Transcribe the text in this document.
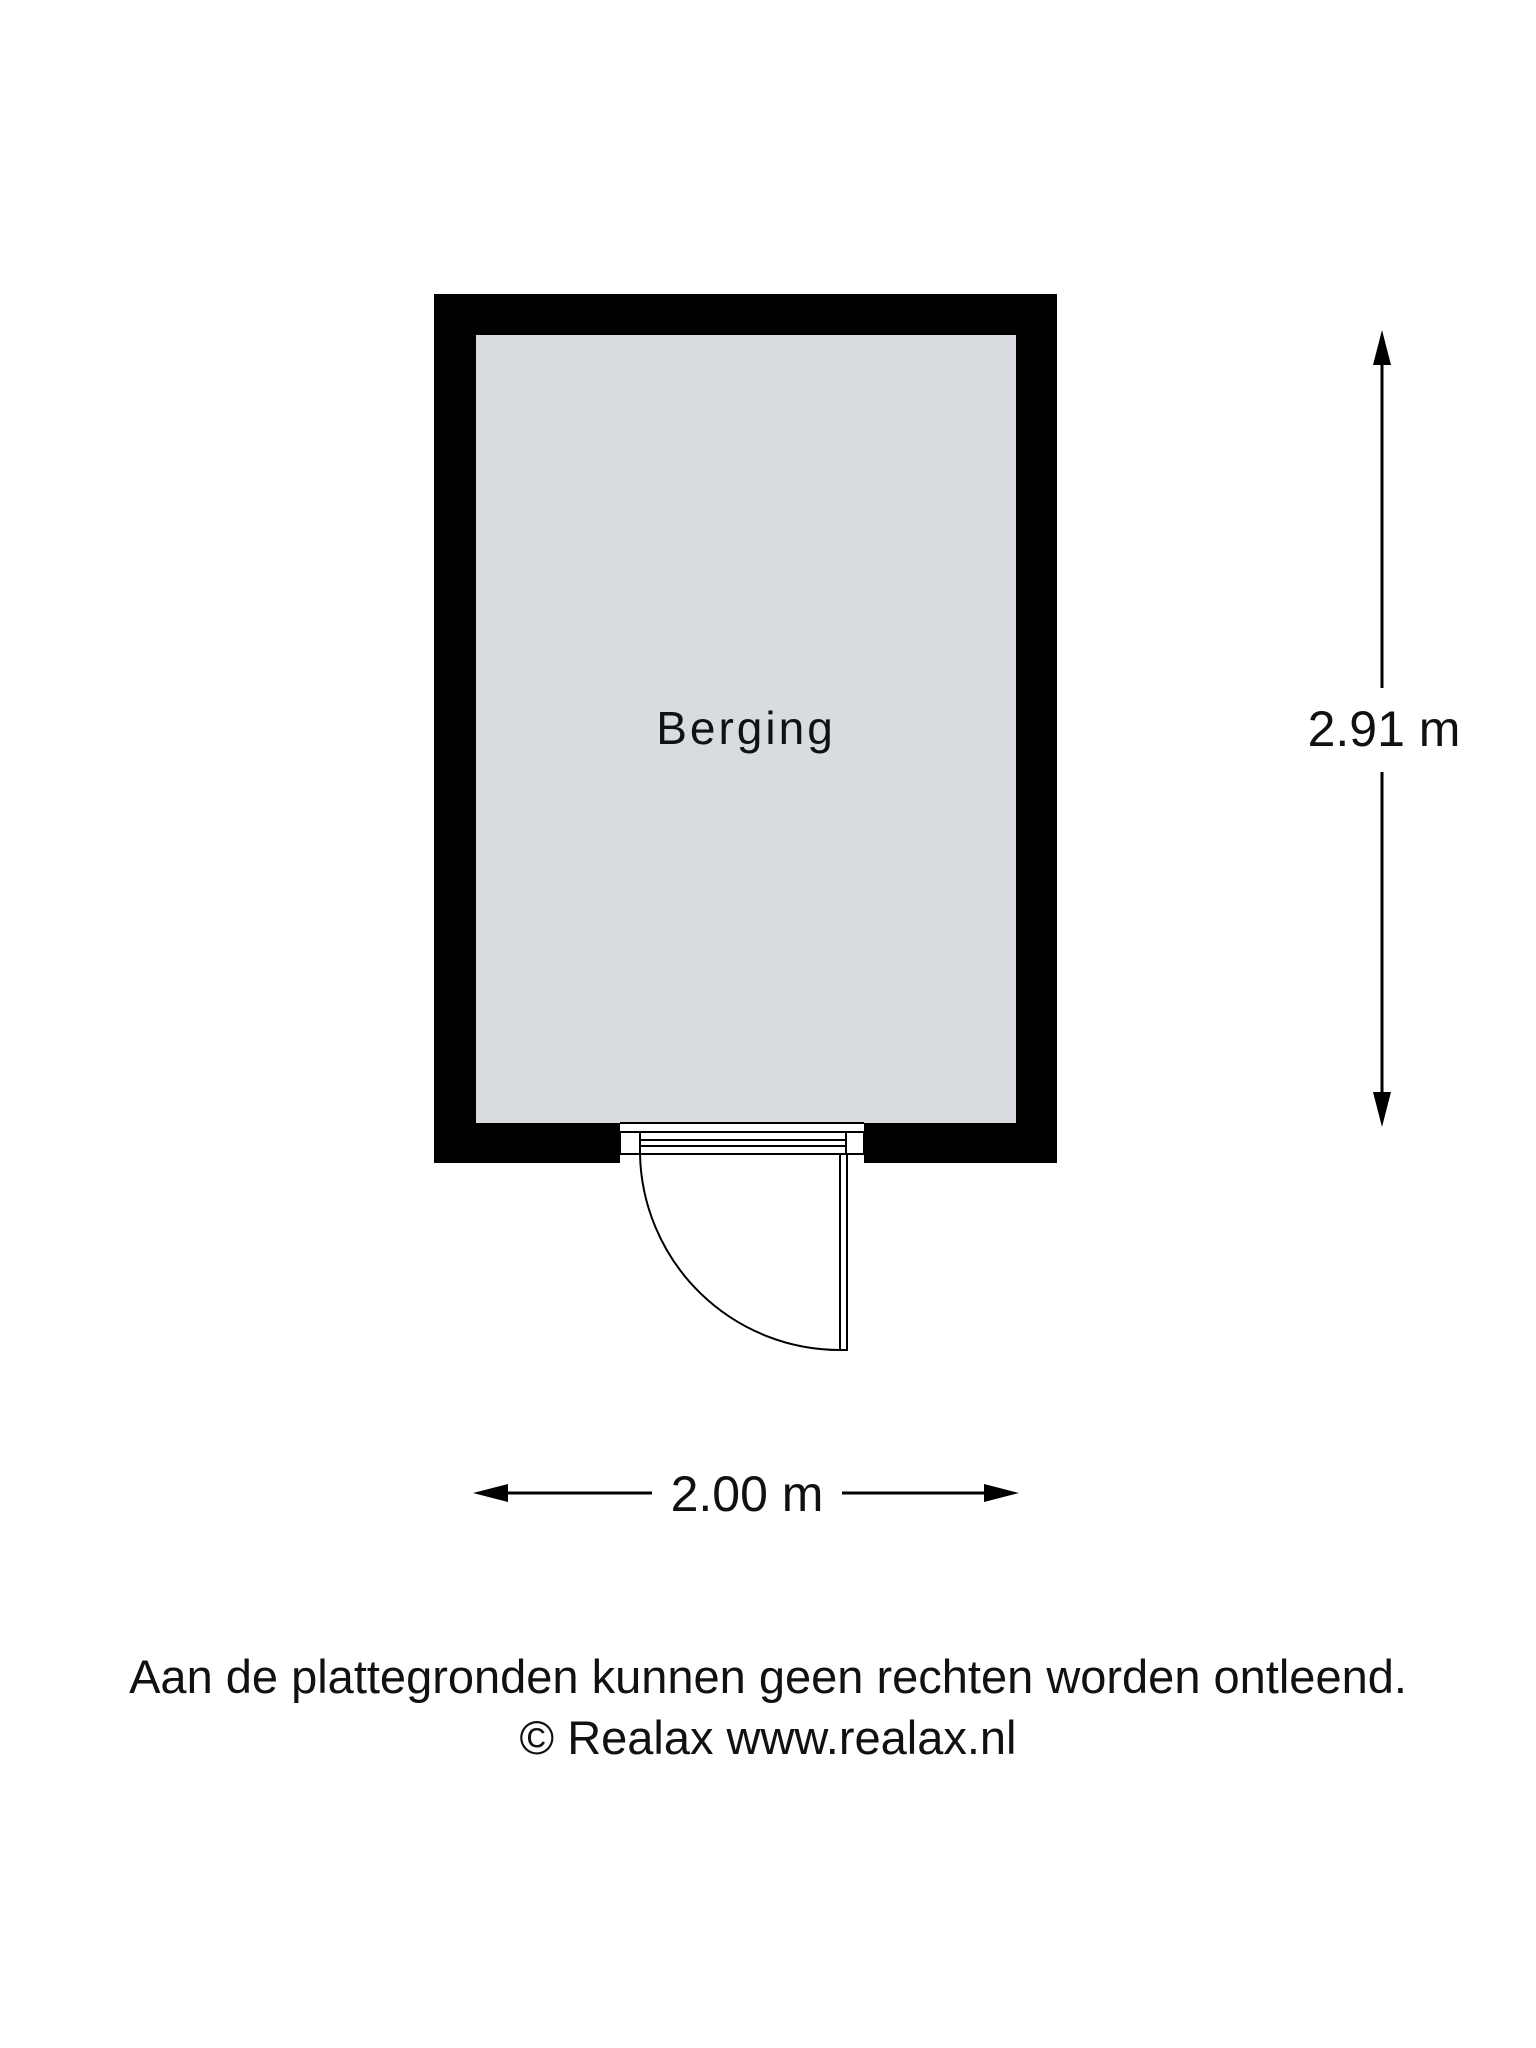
Berging	2.91 m
2.00 m

Aan de plattegronden kunnen geen rechten worden ontleend.

© Realax www.realax.nl
